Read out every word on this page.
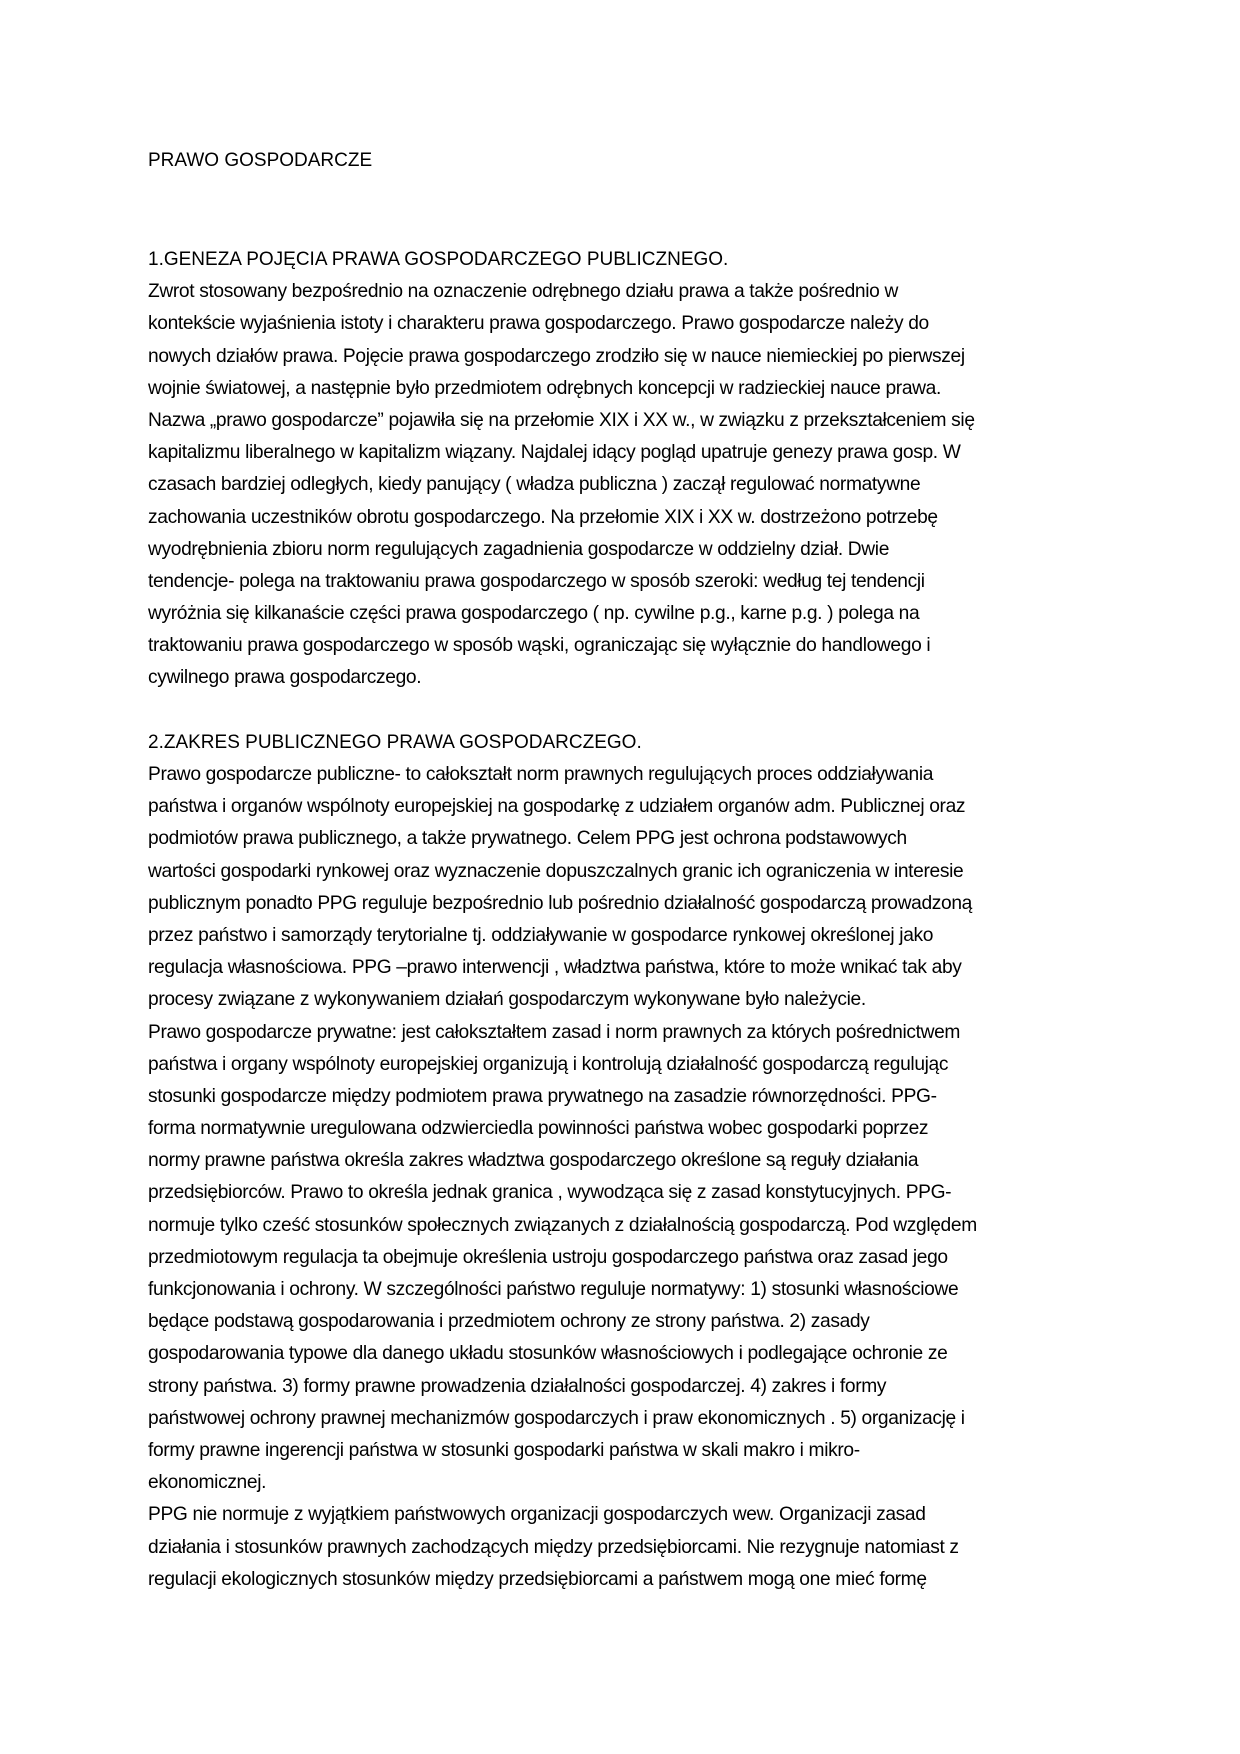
PRAWO GOSPODARCZE
1.GENEZA POJĘCIA PRAWA GOSPODARCZEGO PUBLICZNEGO.
Zwrot stosowany bezpośrednio na oznaczenie odrębnego działu prawa a także pośrednio w
kontekście wyjaśnienia istoty i charakteru prawa gospodarczego. Prawo gospodarcze należy do
nowych działów prawa. Pojęcie prawa gospodarczego zrodziło się w nauce niemieckiej po pierwszej
wojnie światowej, a następnie było przedmiotem odrębnych koncepcji w radzieckiej nauce prawa.
Nazwa „prawo gospodarcze” pojawiła się na przełomie XIX i XX w., w związku z przekształceniem się
kapitalizmu liberalnego w kapitalizm wiązany. Najdalej idący pogląd upatruje genezy prawa gosp. W
czasach bardziej odległych, kiedy panujący ( władza publiczna ) zaczął regulować normatywne
zachowania uczestników obrotu gospodarczego. Na przełomie XIX i XX w. dostrzeżono potrzebę
wyodrębnienia zbioru norm regulujących zagadnienia gospodarcze w oddzielny dział. Dwie
tendencje- polega na traktowaniu prawa gospodarczego w sposób szeroki: według tej tendencji
wyróżnia się kilkanaście części prawa gospodarczego ( np. cywilne p.g., karne p.g. ) polega na
traktowaniu prawa gospodarczego w sposób wąski, ograniczając się wyłącznie do handlowego i
cywilnego prawa gospodarczego.
2.ZAKRES PUBLICZNEGO PRAWA GOSPODARCZEGO.
Prawo gospodarcze publiczne- to całokształt norm prawnych regulujących proces oddziaływania
państwa i organów wspólnoty europejskiej na gospodarkę z udziałem organów adm. Publicznej oraz
podmiotów prawa publicznego, a także prywatnego. Celem PPG jest ochrona podstawowych
wartości gospodarki rynkowej oraz wyznaczenie dopuszczalnych granic ich ograniczenia w interesie
publicznym ponadto PPG reguluje bezpośrednio lub pośrednio działalność gospodarczą prowadzoną
przez państwo i samorządy terytorialne tj. oddziaływanie w gospodarce rynkowej określonej jako
regulacja własnościowa. PPG –prawo interwencji , władztwa państwa, które to może wnikać tak aby
procesy związane z wykonywaniem działań gospodarczym wykonywane było należycie.
Prawo gospodarcze prywatne: jest całokształtem zasad i norm prawnych za których pośrednictwem
państwa i organy wspólnoty europejskiej organizują i kontrolują działalność gospodarczą regulując
stosunki gospodarcze między podmiotem prawa prywatnego na zasadzie równorzędności. PPG-
forma normatywnie uregulowana odzwierciedla powinności państwa wobec gospodarki poprzez
normy prawne państwa określa zakres władztwa gospodarczego określone są reguły działania
przedsiębiorców. Prawo to określa jednak granica , wywodząca się z zasad konstytucyjnych. PPG-
normuje tylko cześć stosunków społecznych związanych z działalnością gospodarczą. Pod względem
przedmiotowym regulacja ta obejmuje określenia ustroju gospodarczego państwa oraz zasad jego
funkcjonowania i ochrony. W szczególności państwo reguluje normatywy: 1) stosunki własnościowe
będące podstawą gospodarowania i przedmiotem ochrony ze strony państwa. 2) zasady
gospodarowania typowe dla danego układu stosunków własnościowych i podlegające ochronie ze
strony państwa. 3) formy prawne prowadzenia działalności gospodarczej. 4) zakres i formy
państwowej ochrony prawnej mechanizmów gospodarczych i praw ekonomicznych . 5) organizację i
formy prawne ingerencji państwa w stosunki gospodarki państwa w skali makro i mikro-
ekonomicznej.
PPG nie normuje z wyjątkiem państwowych organizacji gospodarczych wew. Organizacji zasad
działania i stosunków prawnych zachodzących między przedsiębiorcami. Nie rezygnuje natomiast z
regulacji ekologicznych stosunków między przedsiębiorcami a państwem mogą one mieć formę
